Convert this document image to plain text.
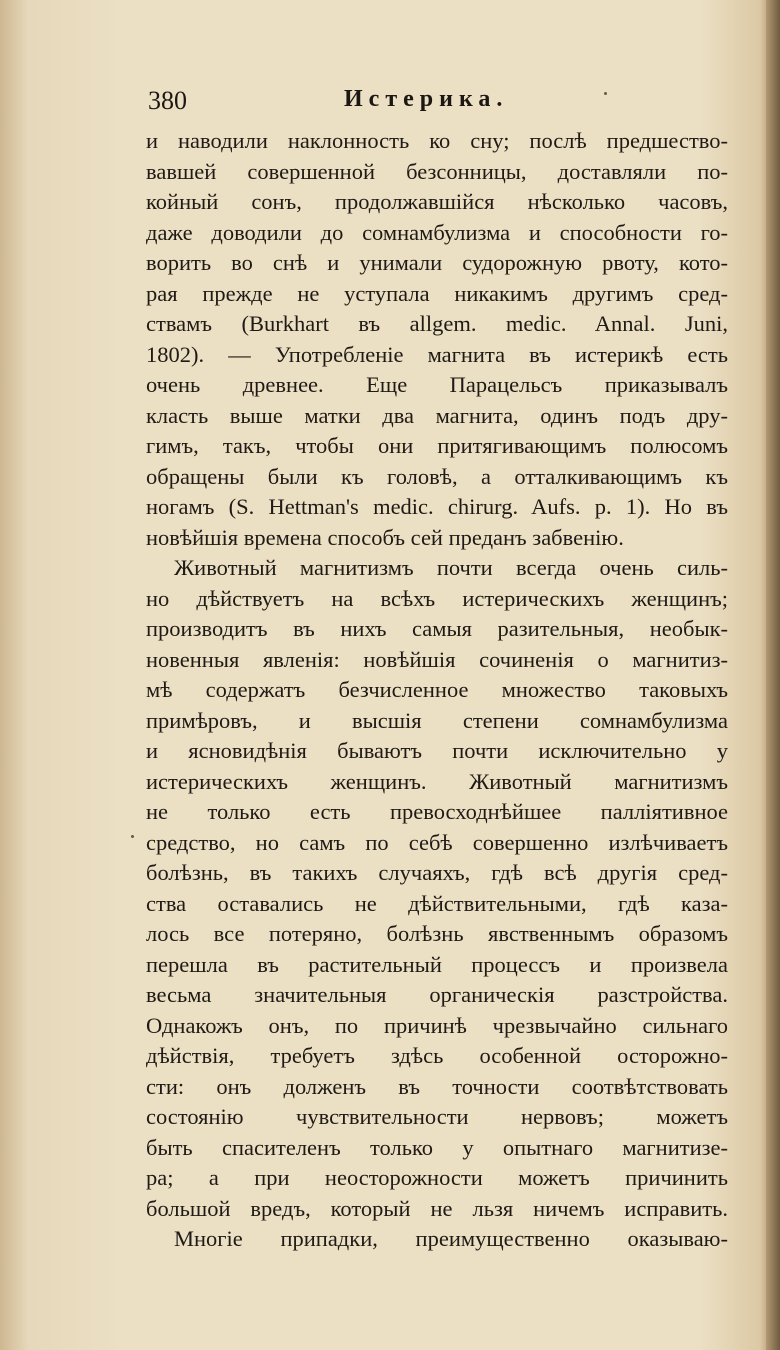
380	Истерика.
и наводили наклонность ко сну; послѣ предшество-
вавшей совершенной безсонницы, доставляли по-
койный сонъ, продолжавшійся нѣсколько часовъ,
даже доводили до сомнамбулизма и способности го-
ворить во снѣ и унимали судорожную рвоту, кото-
рая прежде не уступала никакимъ другимъ сред-
ствамъ (Burkhart въ allgem. medic. Annal. Juni,
1802). — Употребленіе магнита въ истерикѣ есть
очень древнее. Еще Парацельсъ приказывалъ
класть выше матки два магнита, одинъ подъ дру-
гимъ, такъ, чтобы они притягивающимъ полюсомъ
обращены были къ головѣ, а отталкивающимъ къ
ногамъ (S. Hettman's medic. chirurg. Aufs. p. 1). Но въ
новѣйшія времена способъ сей преданъ забвенію.
Животный магнитизмъ почти всегда очень силь-
но дѣйствуетъ на всѣхъ истерическихъ женщинъ;
производитъ въ нихъ самыя разительныя, необык-
новенныя явленія: новѣйшія сочиненія о магнитиз-
мѣ содержатъ безчисленное множество таковыхъ
примѣровъ, и высшія степени сомнамбулизма
и ясновидѣнія бываютъ почти исключительно у
истерическихъ женщинъ. Животный магнитизмъ
не только есть превосходнѣйшее палліятивное
средство, но самъ по себѣ совершенно излѣчиваетъ
болѣзнь, въ такихъ случаяхъ, гдѣ всѣ другія сред-
ства оставались не дѣйствительными, гдѣ каза-
лось все потеряно, болѣзнь явственнымъ образомъ
перешла въ растительный процессъ и произвела
весьма значительныя органическія разстройства.
Однакожъ онъ, по причинѣ чрезвычайно сильнаго
дѣйствія, требуетъ здѣсь особенной осторожно-
сти: онъ долженъ въ точности соотвѣтствовать
состоянію чувствительности нервовъ; можетъ
быть спасителенъ только у опытнаго магнитизе-
ра; а при неосторожности можетъ причинить
большой вредъ, который не льзя ничемъ исправить.
Многіе припадки, преимущественно оказываю-
